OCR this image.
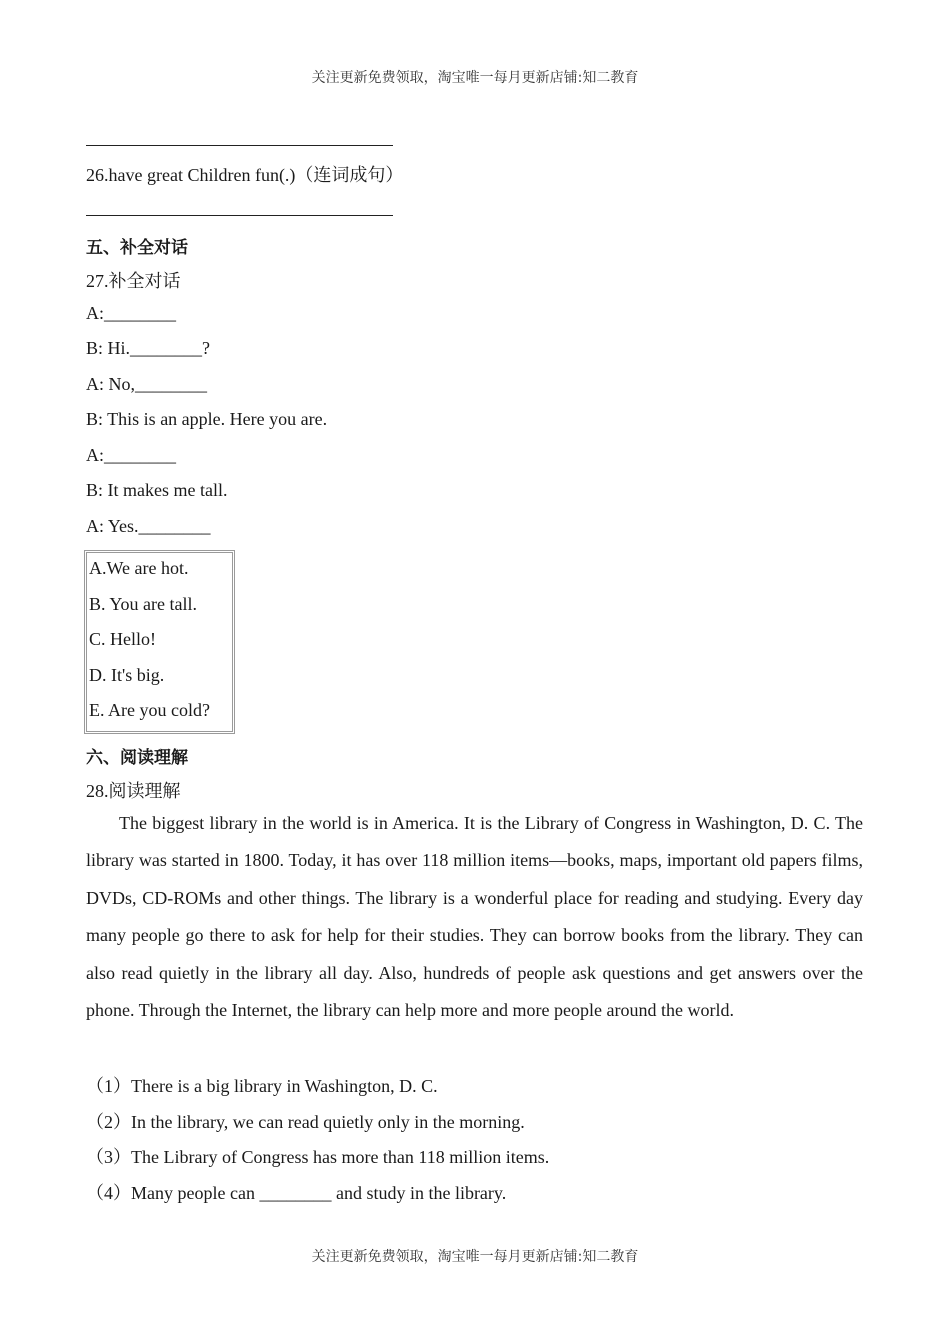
关注更新免费领取，淘宝唯一每月更新店铺:知二教育
26.have great Children fun(.)（连词成句）
五、补全对话
27.补全对话
A:________
B: Hi.________?
A: No,________
B: This is an apple. Here you are.
A:________
B: It makes me tall.
A: Yes.________
A.We are hot.
B. You are tall.
C. Hello!
D. It's big.
E. Are you cold?
六、阅读理解
28.阅读理解
The biggest library in the world is in America. It is the Library of Congress in Washington, D. C. The library was started in 1800. Today, it has over 118 million items—books, maps, important old papers films, DVDs, CD-ROMs and other things. The library is a wonderful place for reading and studying. Every day many people go there to ask for help for their studies. They can borrow books from the library. They can also read quietly in the library all day. Also, hundreds of people ask questions and get answers over the phone. Through the Internet, the library can help more and more people around the world.
（1）There is a big library in Washington, D. C.
（2）In the library, we can read quietly only in the morning.
（3）The Library of Congress has more than 118 million items.
（4）Many people can ________ and study in the library.
关注更新免费领取，淘宝唯一每月更新店铺:知二教育
